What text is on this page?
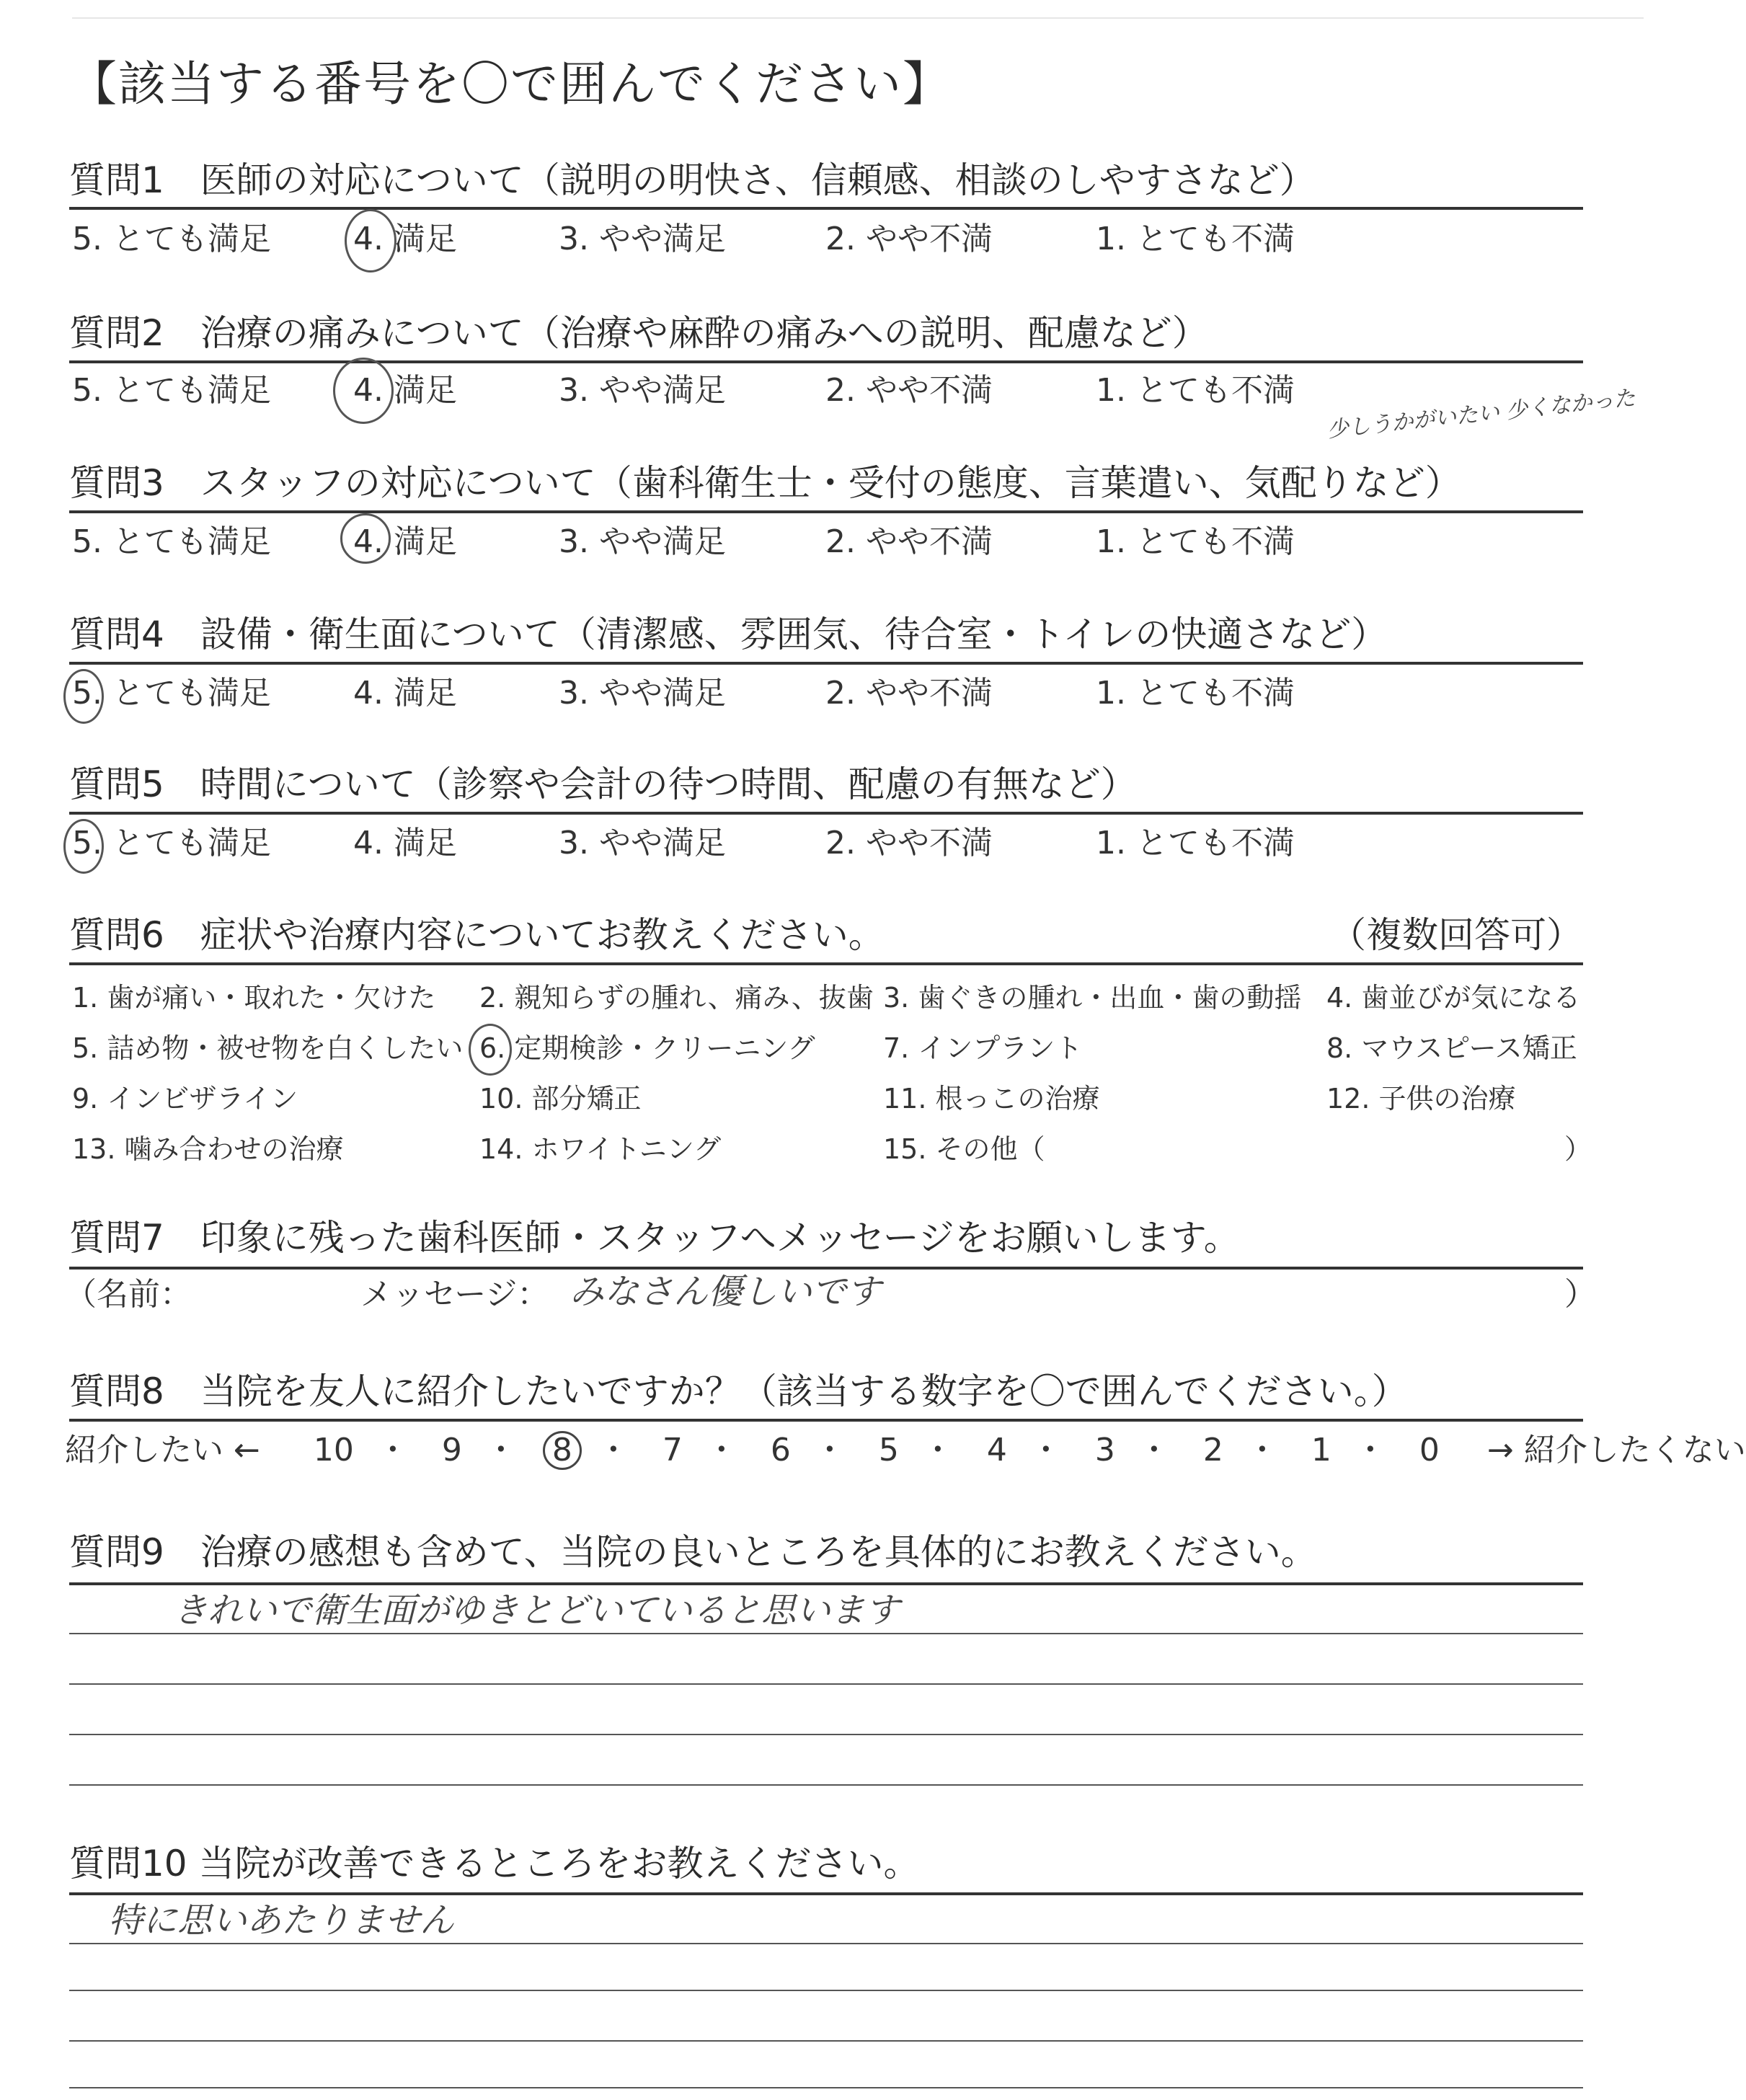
【該当する番号を〇で囲んでください】
質問1　医師の対応について（説明の明快さ、信頼感、相談のしやすさなど）
5. とても満足	4. 満足	3. やや満足	2. やや不満	1. とても不満
質問2　治療の痛みについて（治療や麻酔の痛みへの説明、配慮など）
5. とても満足	4. 満足	3. やや満足	2. やや不満	1. とても不満 少しうかがいたい 少くなかった
質問3　スタッフの対応について（歯科衛生士・受付の態度、言葉遣い、気配りなど）
5. とても満足	4. 満足	3. やや満足	2. やや不満	1. とても不満
質問4　設備・衛生面について（清潔感、雰囲気、待合室・トイレの快適さなど）
5. とても満足	4. 満足	3. やや満足	2. やや不満	1. とても不満
質問5　時間について（診察や会計の待つ時間、配慮の有無など）
5. とても満足	4. 満足	3. やや満足	2. やや不満	1. とても不満
質問6　症状や治療内容についてお教えください。	（複数回答可）
1. 歯が痛い・取れた・欠けた 2. 親知らずの腫れ、痛み、抜歯 3. 歯ぐきの腫れ・出血・歯の動揺 4. 歯並びが気になる
5. 詰め物・被せ物を白くしたい 6. 定期検診・クリーニング 7. インプラント	8. マウスピース矯正
9. インビザライン	10. 部分矯正	11. 根っこの治療	12. 子供の治療
13. 噛み合わせの治療	14. ホワイトニング	15. その他（	）
質問7　印象に残った歯科医師・スタッフへメッセージをお願いします。
（名前：	メッセージ： みなさん優しいです	）
質問8　当院を友人に紹介したいですか？（該当する数字を〇で囲んでください。）
紹介したい ← 10 ・ 9 ・ 8 ・ 7 ・ 6 ・ 5 ・ 4 ・ 3 ・ 2 ・ 1 ・ 0 → 紹介したくない
質問9　治療の感想も含めて、当院の良いところを具体的にお教えください。
きれいで衛生面がゆきとどいていると思います
質問10 当院が改善できるところをお教えください。
特に思いあたりません
